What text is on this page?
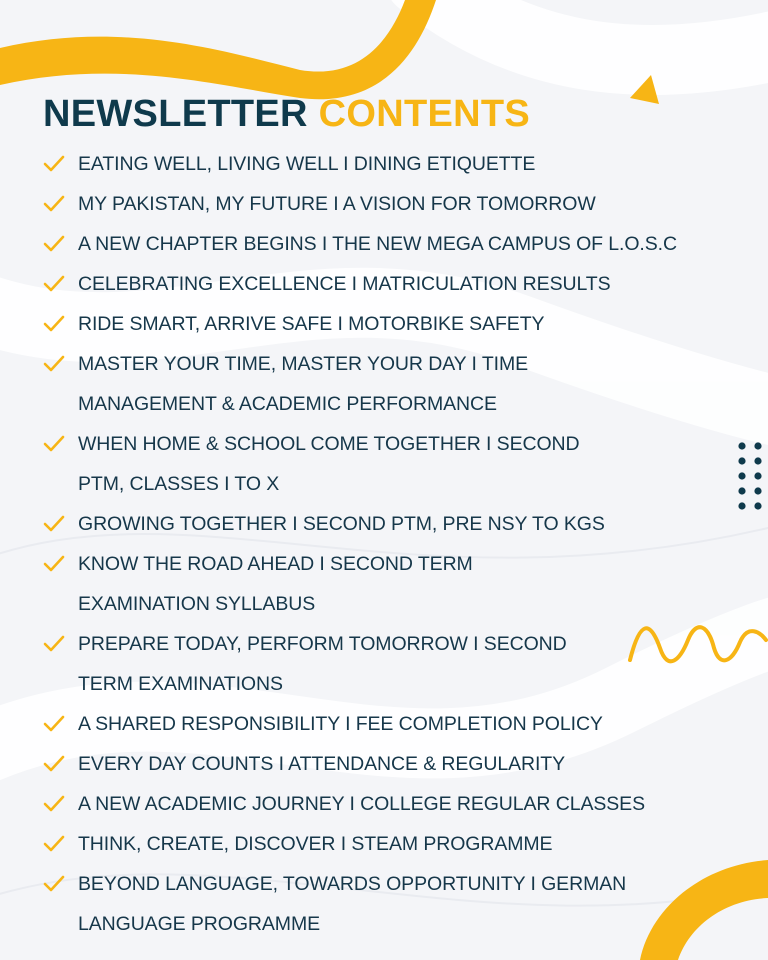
NEWSLETTER CONTENTS
EATING WELL, LIVING WELL I DINING ETIQUETTE
MY PAKISTAN, MY FUTURE I A VISION FOR TOMORROW
A NEW CHAPTER BEGINS I THE NEW MEGA CAMPUS OF L.O.S.C
CELEBRATING EXCELLENCE I MATRICULATION RESULTS
RIDE SMART, ARRIVE SAFE I MOTORBIKE SAFETY
MASTER YOUR TIME, MASTER YOUR DAY I TIME
MANAGEMENT & ACADEMIC PERFORMANCE
WHEN HOME & SCHOOL COME TOGETHER I SECOND
PTM, CLASSES I TO X
GROWING TOGETHER I SECOND PTM, PRE NSY TO KGS
KNOW THE ROAD AHEAD I SECOND TERM
EXAMINATION SYLLABUS
PREPARE TODAY, PERFORM TOMORROW I SECOND
TERM EXAMINATIONS
A SHARED RESPONSIBILITY I FEE COMPLETION POLICY
EVERY DAY COUNTS I ATTENDANCE & REGULARITY
A NEW ACADEMIC JOURNEY I COLLEGE REGULAR CLASSES
THINK, CREATE, DISCOVER I STEAM PROGRAMME
BEYOND LANGUAGE, TOWARDS OPPORTUNITY I GERMAN
LANGUAGE PROGRAMME
